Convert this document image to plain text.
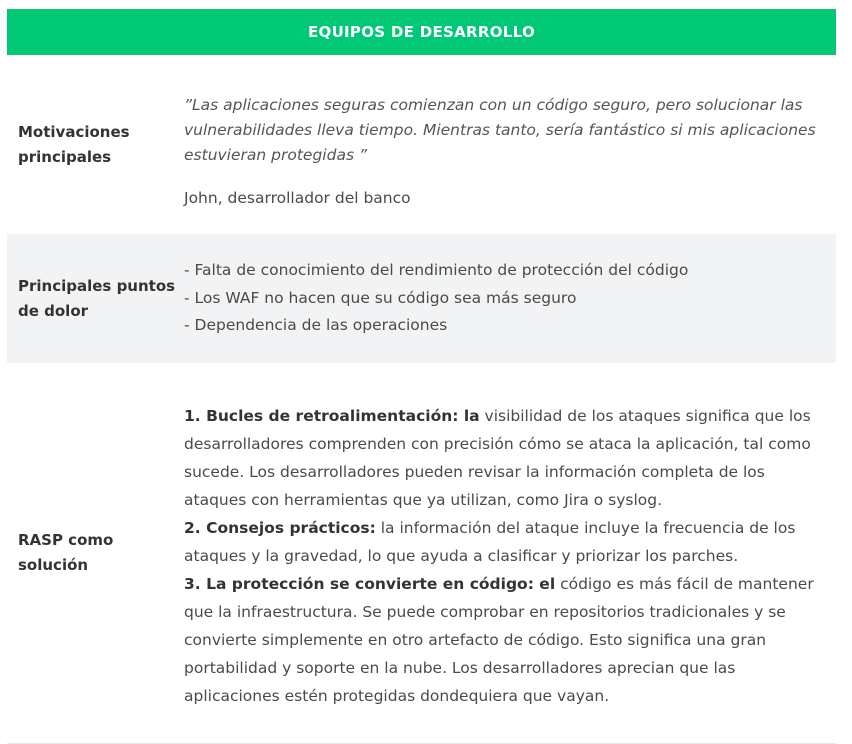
EQUIPOS DE DESARROLLO
Motivaciones principales

”Las aplicaciones seguras comienzan con un código seguro, pero solucionar las vulnerabilidades lleva tiempo. Mientras tanto, sería fantástico si mis aplicaciones estuvieran protegidas ”

John, desarrollador del banco
Principales puntos de dolor

- Falta de conocimiento del rendimiento de protección del código

- Los WAF no hacen que su código sea más seguro

- Dependencia de las operaciones

RASP como solución

1. Bucles de retroalimentación: la visibilidad de los ataques significa que los desarrolladores comprenden con precisión cómo se ataca la aplicación, tal como sucede. Los desarrolladores pueden revisar la información completa de los ataques con herramientas que ya utilizan, como Jira o syslog.

2. Consejos prácticos: la información del ataque incluye la frecuencia de los ataques y la gravedad, lo que ayuda a clasificar y priorizar los parches.

3. La protección se convierte en código: el código es más fácil de mantener que la infraestructura. Se puede comprobar en repositorios tradicionales y se convierte simplemente en otro artefacto de código. Esto significa una gran portabilidad y soporte en la nube. Los desarrolladores aprecian que las aplicaciones estén protegidas dondequiera que vayan.
